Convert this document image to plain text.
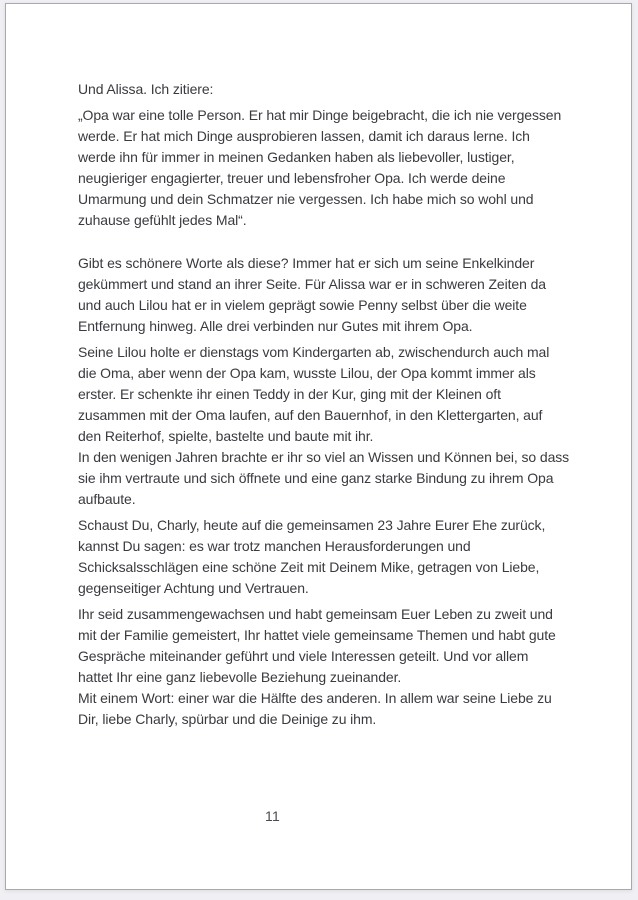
Und Alissa. Ich zitiere:
„Opa war eine tolle Person. Er hat mir Dinge beigebracht, die ich nie vergessen
werde. Er hat mich Dinge ausprobieren lassen, damit ich daraus lerne. Ich
werde ihn für immer in meinen Gedanken haben als liebevoller, lustiger,
neugieriger engagierter, treuer und lebensfroher Opa. Ich werde deine
Umarmung und dein Schmatzer nie vergessen. Ich habe mich so wohl und
zuhause gefühlt jedes Mal“.
Gibt es schönere Worte als diese? Immer hat er sich um seine Enkelkinder
gekümmert und stand an ihrer Seite. Für Alissa war er in schweren Zeiten da
und auch Lilou hat er in vielem geprägt sowie Penny selbst über die weite
Entfernung hinweg. Alle drei verbinden nur Gutes mit ihrem Opa.
Seine Lilou holte er dienstags vom Kindergarten ab, zwischendurch auch mal
die Oma, aber wenn der Opa kam, wusste Lilou, der Opa kommt immer als
erster. Er schenkte ihr einen Teddy in der Kur, ging mit der Kleinen oft
zusammen mit der Oma laufen, auf den Bauernhof, in den Klettergarten, auf
den Reiterhof, spielte, bastelte und baute mit ihr.
In den wenigen Jahren brachte er ihr so viel an Wissen und Können bei, so dass
sie ihm vertraute und sich öffnete und eine ganz starke Bindung zu ihrem Opa
aufbaute.
Schaust Du, Charly, heute auf die gemeinsamen 23 Jahre Eurer Ehe zurück,
kannst Du sagen: es war trotz manchen Herausforderungen und
Schicksalsschlägen eine schöne Zeit mit Deinem Mike, getragen von Liebe,
gegenseitiger Achtung und Vertrauen.
Ihr seid zusammengewachsen und habt gemeinsam Euer Leben zu zweit und
mit der Familie gemeistert, Ihr hattet viele gemeinsame Themen und habt gute
Gespräche miteinander geführt und viele Interessen geteilt. Und vor allem
hattet Ihr eine ganz liebevolle Beziehung zueinander.
Mit einem Wort: einer war die Hälfte des anderen. In allem war seine Liebe zu
Dir, liebe Charly, spürbar und die Deinige zu ihm.
11
